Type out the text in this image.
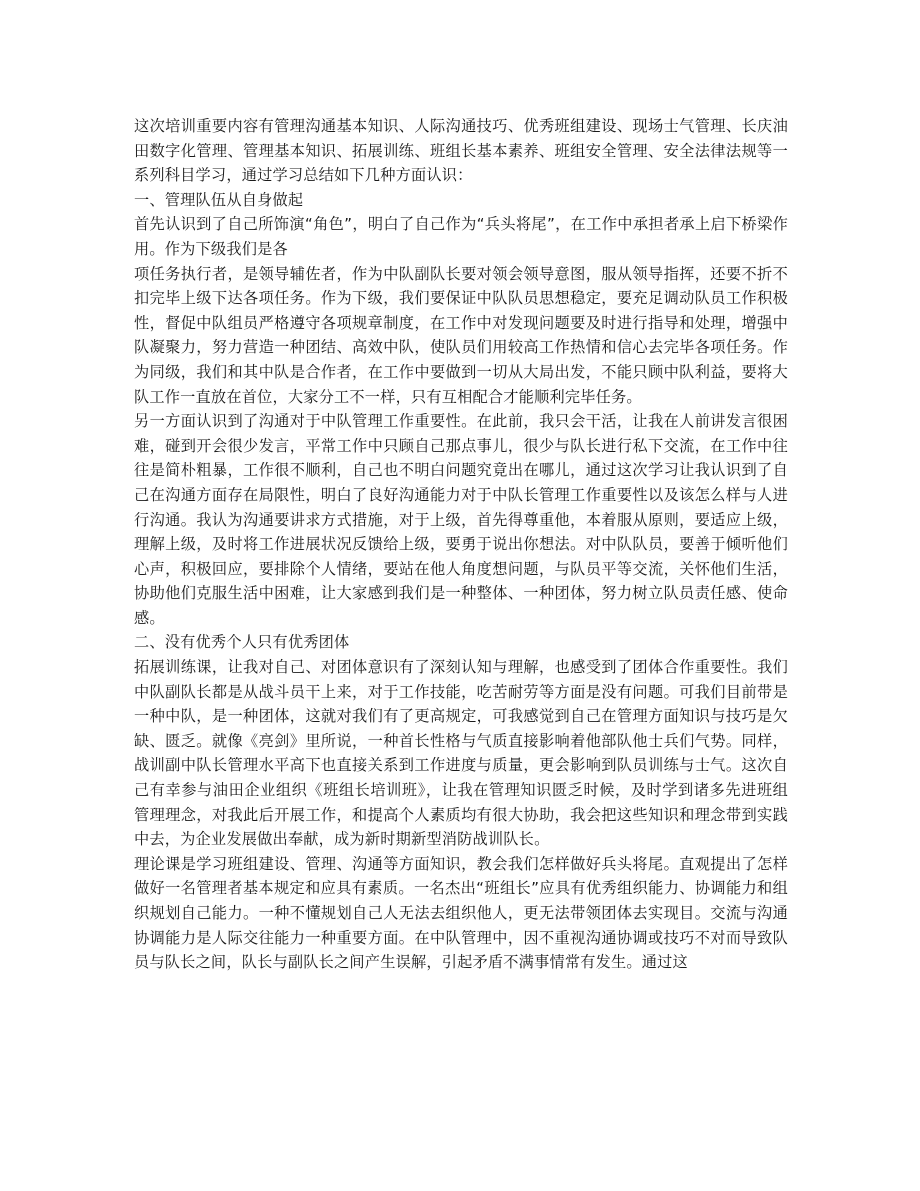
这次培训重要内容有管理沟通基本知识、人际沟通技巧、优秀班组建设、现场士气管理、长庆油田数字化管理、管理基本知识、拓展训练、班组长基本素养、班组安全管理、安全法律法规等一系列科目学习，通过学习总结如下几种方面认识：

一、管理队伍从自身做起

首先认识到了自己所饰演“角色”，明白了自己作为“兵头将尾”，在工作中承担者承上启下桥梁作用。作为下级我们是各

项任务执行者，是领导辅佐者，作为中队副队长要对领会领导意图，服从领导指挥，还要不折不扣完毕上级下达各项任务。作为下级，我们要保证中队队员思想稳定，要充足调动队员工作积极性，督促中队组员严格遵守各项规章制度，在工作中对发现问题要及时进行指导和处理，增强中队凝聚力，努力营造一种团结、高效中队，使队员们用较高工作热情和信心去完毕各项任务。作为同级，我们和其中队是合作者，在工作中要做到一切从大局出发，不能只顾中队利益，要将大队工作一直放在首位，大家分工不一样，只有互相配合才能顺利完毕任务。

另一方面认识到了沟通对于中队管理工作重要性。在此前，我只会干活，让我在人前讲发言很困难，碰到开会很少发言，平常工作中只顾自己那点事儿，很少与队长进行私下交流，在工作中往往是简朴粗暴，工作很不顺利，自己也不明白问题究竟出在哪儿，通过这次学习让我认识到了自己在沟通方面存在局限性，明白了良好沟通能力对于中队长管理工作重要性以及该怎么样与人进行沟通。我认为沟通要讲求方式措施，对于上级，首先得尊重他，本着服从原则，要适应上级，理解上级，及时将工作进展状况反馈给上级，要勇于说出你想法。对中队队员，要善于倾听他们心声，积极回应，要排除个人情绪，要站在他人角度想问题，与队员平等交流，关怀他们生活，协助他们克服生活中困难，让大家感到我们是一种整体、一种团体，努力树立队员责任感、使命感。

二、没有优秀个人只有优秀团体

拓展训练课，让我对自己、对团体意识有了深刻认知与理解，也感受到了团体合作重要性。我们中队副队长都是从战斗员干上来，对于工作技能，吃苦耐劳等方面是没有问题。可我们目前带是一种中队，是一种团体，这就对我们有了更高规定，可我感觉到自己在管理方面知识与技巧是欠缺、匮乏。就像《亮剑》里所说，一种首长性格与气质直接影响着他部队他士兵们气势。同样，战训副中队长管理水平高下也直接关系到工作进度与质量，更会影响到队员训练与士气。这次自己有幸参与油田企业组织《班组长培训班》，让我在管理知识匮乏时候，及时学到诸多先进班组管理理念，对我此后开展工作，和提高个人素质均有很大协助，我会把这些知识和理念带到实践中去，为企业发展做出奉献，成为新时期新型消防战训队长。

理论课是学习班组建设、管理、沟通等方面知识，教会我们怎样做好兵头将尾。直观提出了怎样做好一名管理者基本规定和应具有素质。一名杰出“班组长”应具有优秀组织能力、协调能力和组织规划自己能力。一种不懂规划自己人无法去组织他人，更无法带领团体去实现目。交流与沟通协调能力是人际交往能力一种重要方面。在中队管理中，因不重视沟通协调或技巧不对而导致队员与队长之间，队长与副队长之间产生误解，引起矛盾不满事情常有发生。通过这
